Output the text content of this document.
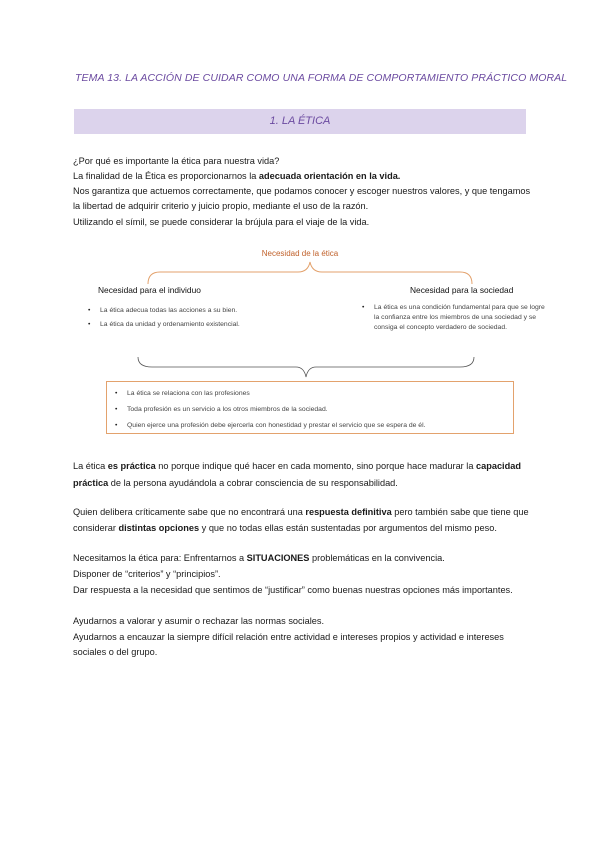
TEMA 13. LA ACCIÓN DE CUIDAR COMO UNA FORMA DE COMPORTAMIENTO PRÁCTICO MORAL
1. LA ÉTICA
¿Por qué es importante la ética para nuestra vida?
La finalidad de la Ética es proporcionarnos la adecuada orientación en la vida.
Nos garantiza que actuemos correctamente, que podamos conocer y escoger nuestros valores, y que tengamos la libertad de adquirir criterio y juicio propio, mediante el uso de la razón.
Utilizando el símil, se puede considerar la brújula para el viaje de la vida.
Necesidad de la ética
Necesidad para el individuo
• La ética adecua todas las acciones a su bien.
• La ética da unidad y ordenamiento existencial.
Necesidad para la sociedad
• La ética es una condición fundamental para que se logre la confianza entre los miembros de una sociedad y se consiga el concepto verdadero de sociedad.
• La ética se relaciona con las profesiones
• Toda profesión es un servicio a los otros miembros de la sociedad.
• Quien ejerce una profesión debe ejercerla con honestidad y prestar el servicio que se espera de él.
La ética es práctica no porque indique qué hacer en cada momento, sino porque hace madurar la capacidad práctica de la persona ayudándola a cobrar consciencia de su responsabilidad.
Quien delibera críticamente sabe que no encontrará una respuesta definitiva pero también sabe que tiene que considerar distintas opciones y que no todas ellas están sustentadas por argumentos del mismo peso.
Necesitamos la ética para: Enfrentarnos a SITUACIONES problemáticas en la convivencia.
Disponer de “criterios” y “principios”.
Dar respuesta a la necesidad que sentimos de “justificar” como buenas nuestras opciones más importantes.
Ayudarnos a valorar y asumir o rechazar las normas sociales.
Ayudarnos a encauzar la siempre difícil relación entre actividad e intereses propios y actividad e intereses sociales o del grupo.
